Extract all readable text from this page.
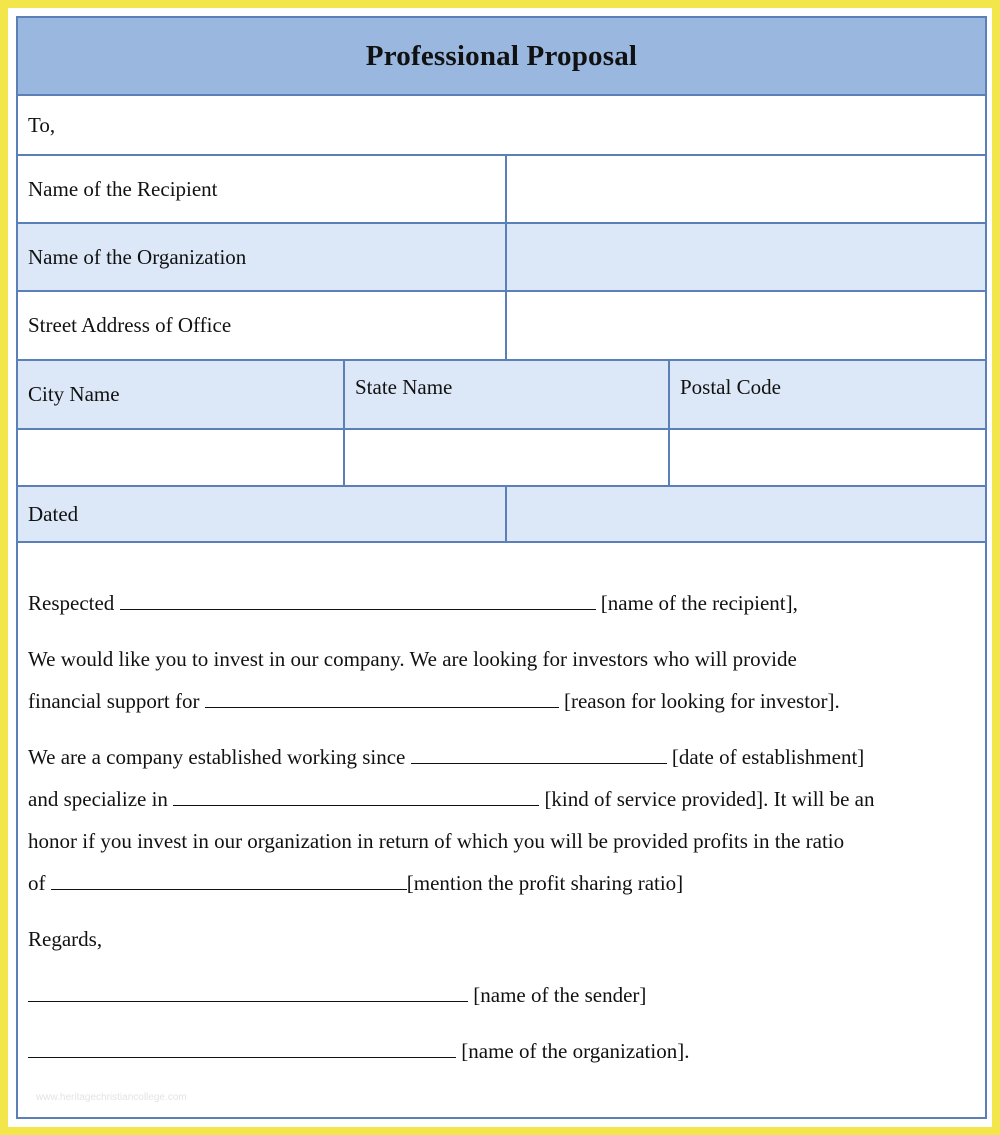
Professional Proposal
To,
Name of the Recipient
Name of the Organization
Street Address of Office
City Name	State Name	Postal Code
Dated

Respected	[name of the recipient],

We would like you to invest in our company. We are looking for investors who will provide

financial support for	[reason for looking for investor].

We are a company established working since	[date of establishment]

and specialize in	[kind of service provided]. It will be an

honor if you invest in our organization in return of which you will be provided profits in the ratio

of	[mention the profit sharing ratio]

Regards,

[name of the sender]

[name of the organization].

www.heritagechristiancollege.com
